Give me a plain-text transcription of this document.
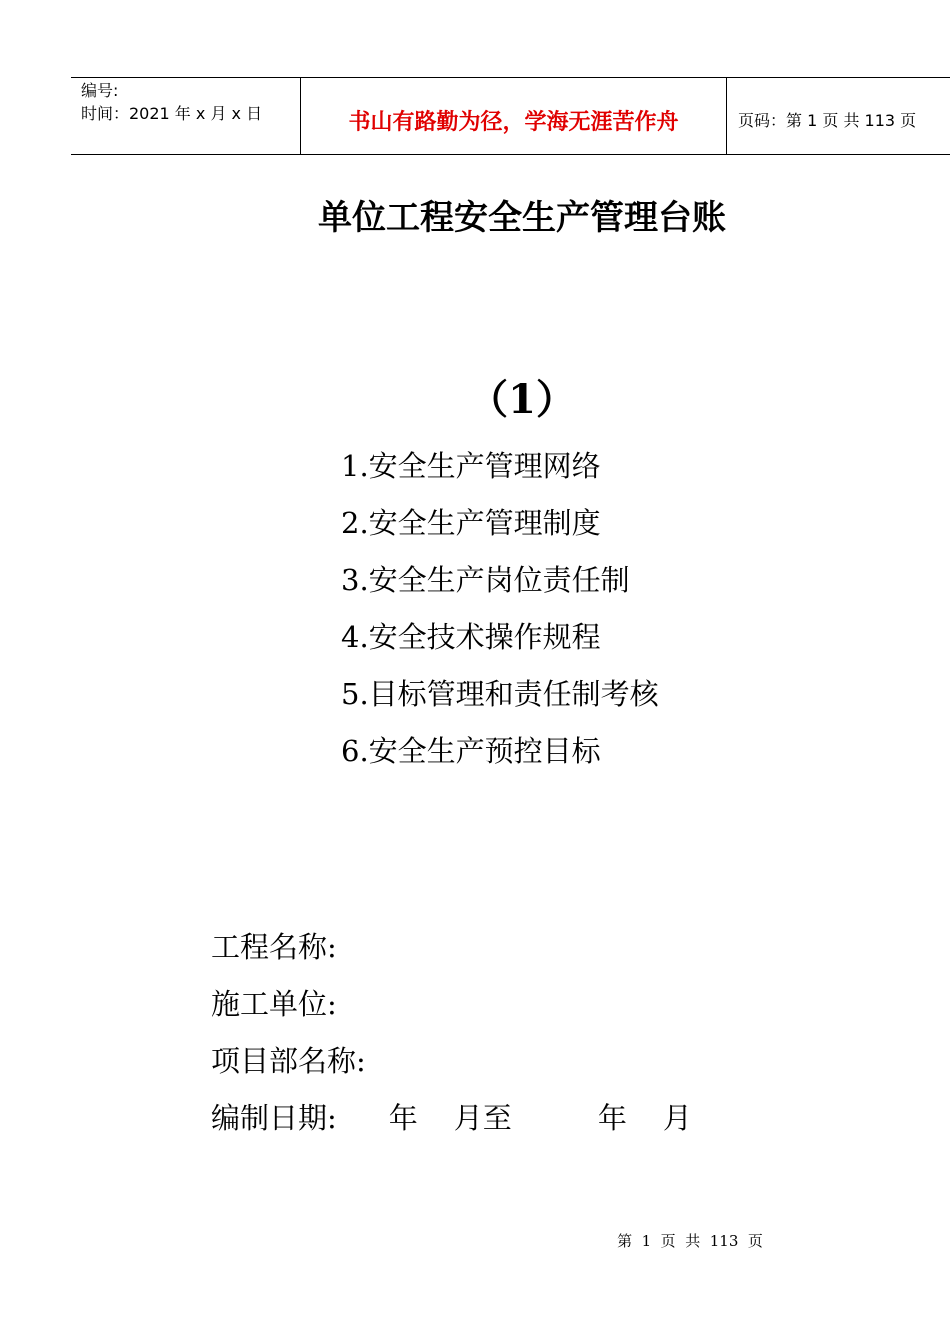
编号:
时间：2021 年 x 月 x 日	书山有路勤为径，学海无涯苦作舟	页码：第 1 页 共 113 页
单位工程安全生产管理台账
（1）
1.安全生产管理网络
2.安全生产管理制度
3.安全生产岗位责任制
4.安全技术操作规程
5.目标管理和责任制考核
6.安全生产预控目标
工程名称:
施工单位:
项目部名称:
编制日期: 年 月至	年 月
第  1  页  共  113  页
